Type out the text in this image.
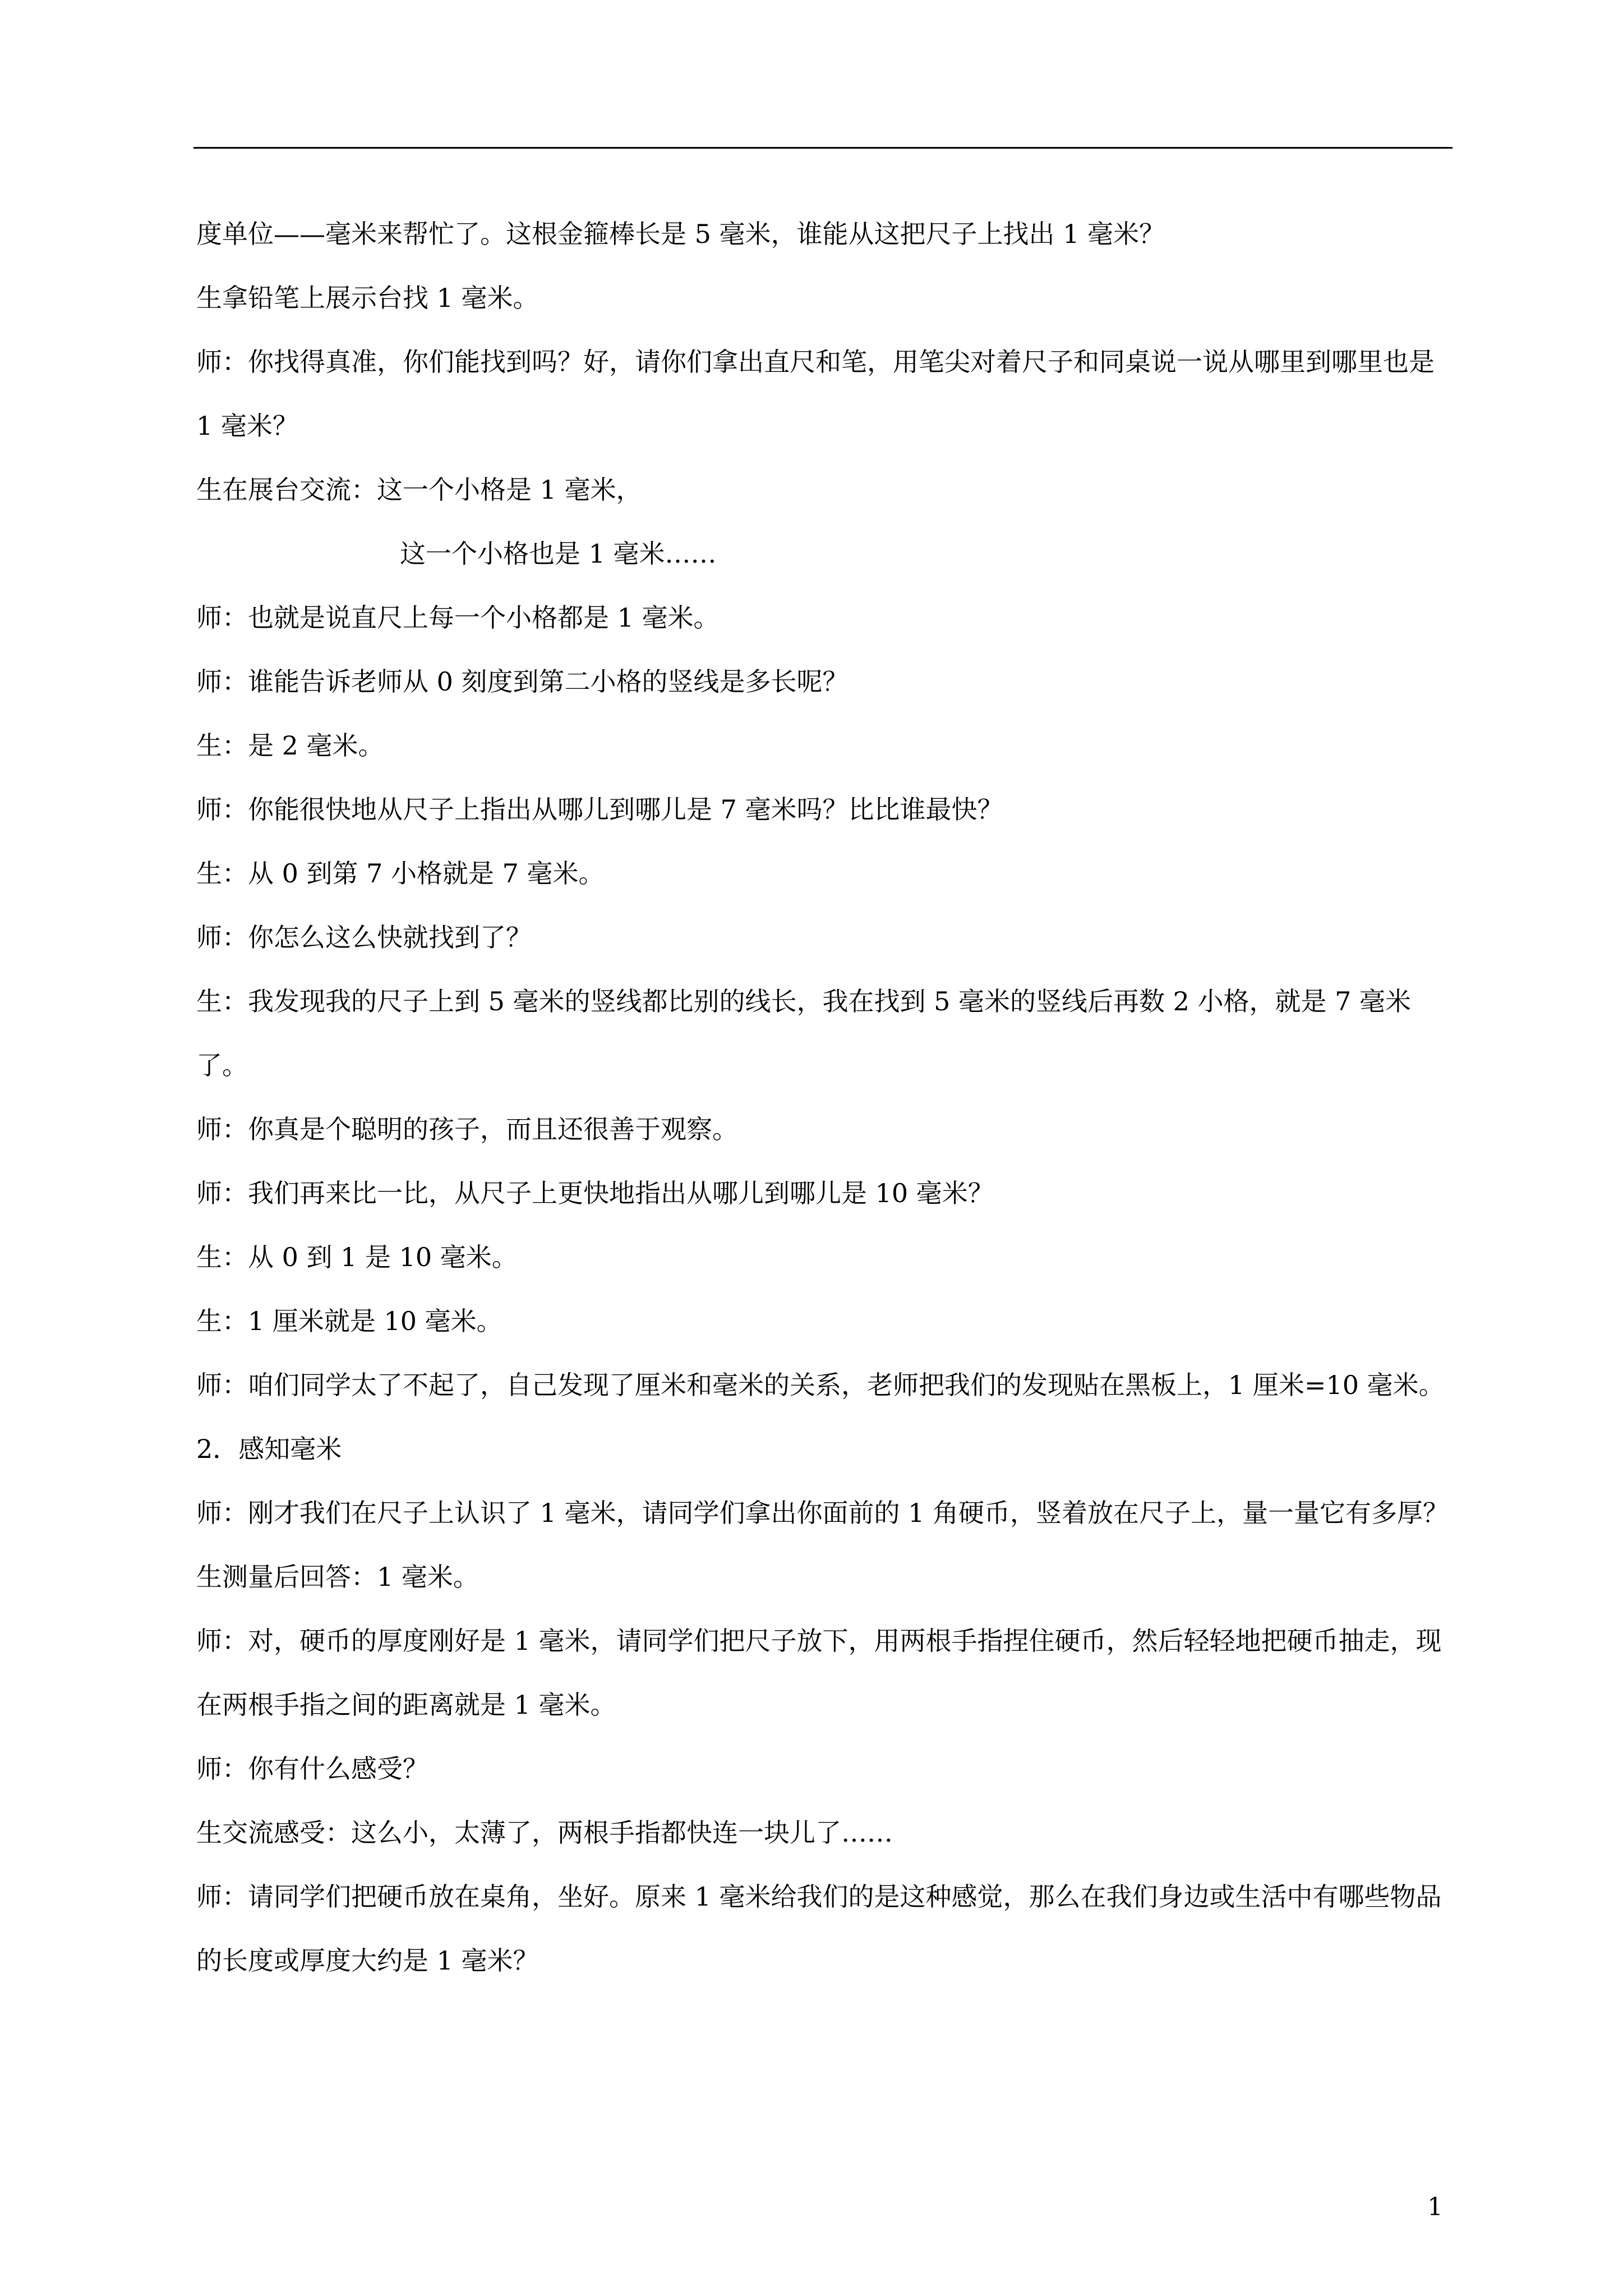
度单位——毫米来帮忙了。这根金箍棒长是 5 毫米，谁能从这把尺子上找出 1 毫米？

生拿铅笔上展示台找 1 毫米。

师：你找得真准，你们能找到吗？好，请你们拿出直尺和笔，用笔尖对着尺子和同桌说一说从哪里到哪里也是 1 毫米？

生在展台交流：这一个小格是 1 毫米，

这一个小格也是 1 毫米……

师：也就是说直尺上每一个小格都是 1 毫米。

师：谁能告诉老师从 0 刻度到第二小格的竖线是多长呢？

生：是 2 毫米。

师：你能很快地从尺子上指出从哪儿到哪儿是 7 毫米吗？比比谁最快？

生：从 0 到第 7 小格就是 7 毫米。

师：你怎么这么快就找到了？

生：我发现我的尺子上到 5 毫米的竖线都比别的线长，我在找到 5 毫米的竖线后再数 2 小格，就是 7 毫米了。

师：你真是个聪明的孩子，而且还很善于观察。

师：我们再来比一比，从尺子上更快地指出从哪儿到哪儿是 10 毫米？

生：从 0 到 1 是 10 毫米。

生：1 厘米就是 10 毫米。

师：咱们同学太了不起了，自己发现了厘米和毫米的关系，老师把我们的发现贴在黑板上，1 厘米=10 毫米。

2．感知毫米

师：刚才我们在尺子上认识了 1 毫米，请同学们拿出你面前的 1 角硬币，竖着放在尺子上，量一量它有多厚？

生测量后回答：1 毫米。

师：对，硬币的厚度刚好是 1 毫米，请同学们把尺子放下，用两根手指捏住硬币，然后轻轻地把硬币抽走，现在两根手指之间的距离就是 1 毫米。

师：你有什么感受？

生交流感受：这么小，太薄了，两根手指都快连一块儿了……

师：请同学们把硬币放在桌角，坐好。原来 1 毫米给我们的是这种感觉，那么在我们身边或生活中有哪些物品的长度或厚度大约是 1 毫米？

1
